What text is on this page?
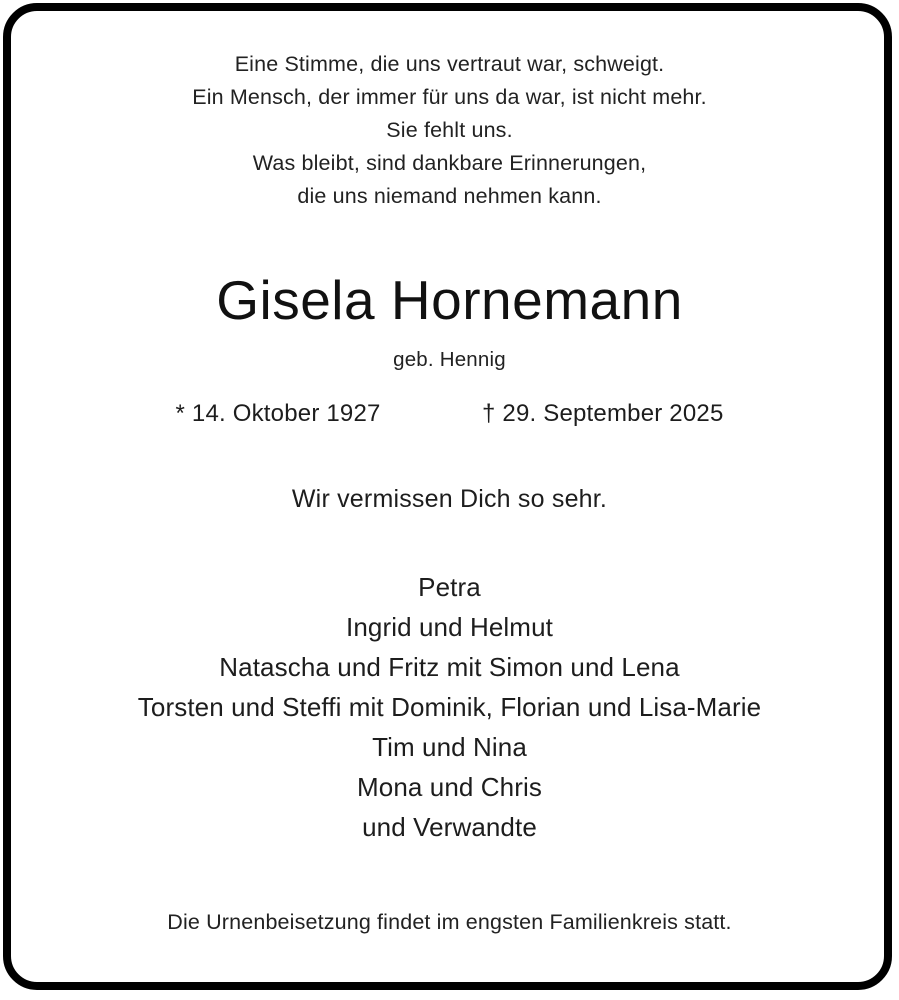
Eine Stimme, die uns vertraut war, schweigt.
Ein Mensch, der immer für uns da war, ist nicht mehr.
Sie fehlt uns.
Was bleibt, sind dankbare Erinnerungen,
die uns niemand nehmen kann.
Gisela Hornemann
geb. Hennig
* 14. Oktober 1927	† 29. September 2025
Wir vermissen Dich so sehr.
Petra
Ingrid und Helmut
Natascha und Fritz mit Simon und Lena
Torsten und Steffi mit Dominik, Florian und Lisa-Marie
Tim und Nina
Mona und Chris
und Verwandte
Die Urnenbeisetzung findet im engsten Familienkreis statt.
